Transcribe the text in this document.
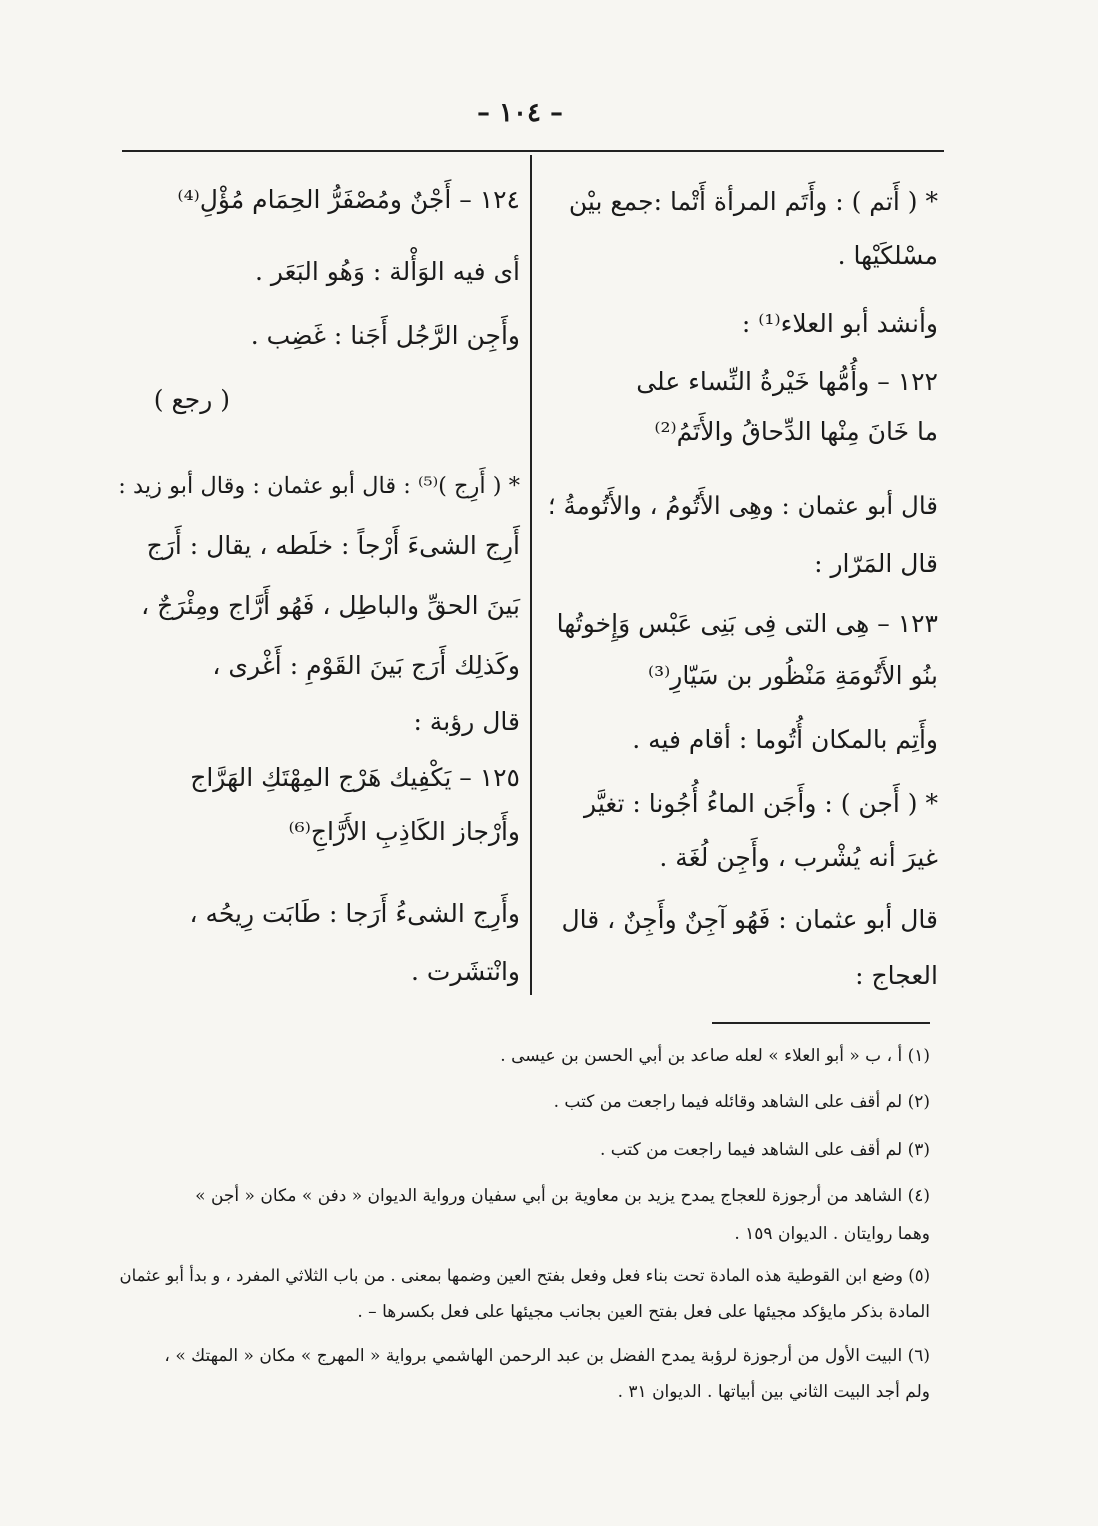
– ١٠٤ –
* ( أَتم ) : وأَتَم المرأة أَتْما :جمع بيْن
مسْلكَيْها .
وأنشد أبو العلاء⁽¹⁾ :
١٢٢ – وأُمُّها خَيْرةُ النِّساء على
ما خَانَ مِنْها الدِّحاقُ والأَتَمُ⁽²⁾
قال أبو عثمان : وهِى الأَتُومُ ، والأَتُومةُ ؛
قال المَرّار :
١٢٣ – هِى التى فِى بَنِى عَبْس وَإِخوتُها
بنُو الأَتُومَةِ مَنْظُور بن سَيّارِ⁽³⁾
وأَتِم بالمكان أُتُوما : أقام فيه .
* ( أَجن ) : وأَجَن الماءُ أُجُونا : تغيَّر
غيرَ أنه يُشْرب ، وأَجِن لُغَة .
قال أبو عثمان : فَهُو آجِنٌ وأَجِنٌ ، قال
العجاج :
١٢٤ – أَجْنٌ ومُصْفَرُّ الحِمَام مُؤْلِ⁽⁴⁾
أى فيه الوَأْلة : وَهُو البَعَر .
وأَجِن الرَّجُل أَجَنا : غَضِب .
( رجع )
* ( أَرِج )⁽⁵⁾ : قال أبو عثمان : وقال أبو زيد :
أَرِج الشىءَ أَرْجاً : خلَطه ، يقال : أَرَج
بَينَ الحقِّ والباطِل ، فَهُو أَرَّاج ومِئْرَجٌ ،
وكَذلِك أَرَج بَينَ القَوْمِ : أَغْرى ،
قال رؤبة :
١٢٥ – يَكْفِيك هَرْج المِهْتَكِ الهَرَّاج
وأَرْجاز الكَاذِبِ الأَرَّاجِ⁽⁶⁾
وأَرِج الشىءُ أَرَجا : طَابَت رِيحُه ،
وانْتشَرت .
(١) أ ، ب « أبو العلاء » لعله صاعد بن أبي الحسن بن عيسى .
(٢) لم أقف على الشاهد وقائله فيما راجعت من كتب .
(٣) لم أقف على الشاهد فيما راجعت من كتب .
(٤) الشاهد من أرجوزة للعجاج يمدح يزيد بن معاوية بن أبي سفيان ورواية الديوان « دفن » مكان « أجن »
وهما روايتان . الديوان ١٥٩ .
(٥) وضع ابن القوطية هذه المادة تحت بناء فعل وفعل بفتح العين وضمها بمعنى . من باب الثلاثي المفرد ، و بدأ أبو عثمان
المادة بذكر مايؤكد مجيئها على فعل بفتح العين بجانب مجيئها على فعل بكسرها – .
(٦) البيت الأول من أرجوزة لرؤبة يمدح الفضل بن عبد الرحمن الهاشمي برواية « المهرج » مكان « المهتك » ،
ولم أجد البيت الثاني بين أبياتها . الديوان ٣١ .
